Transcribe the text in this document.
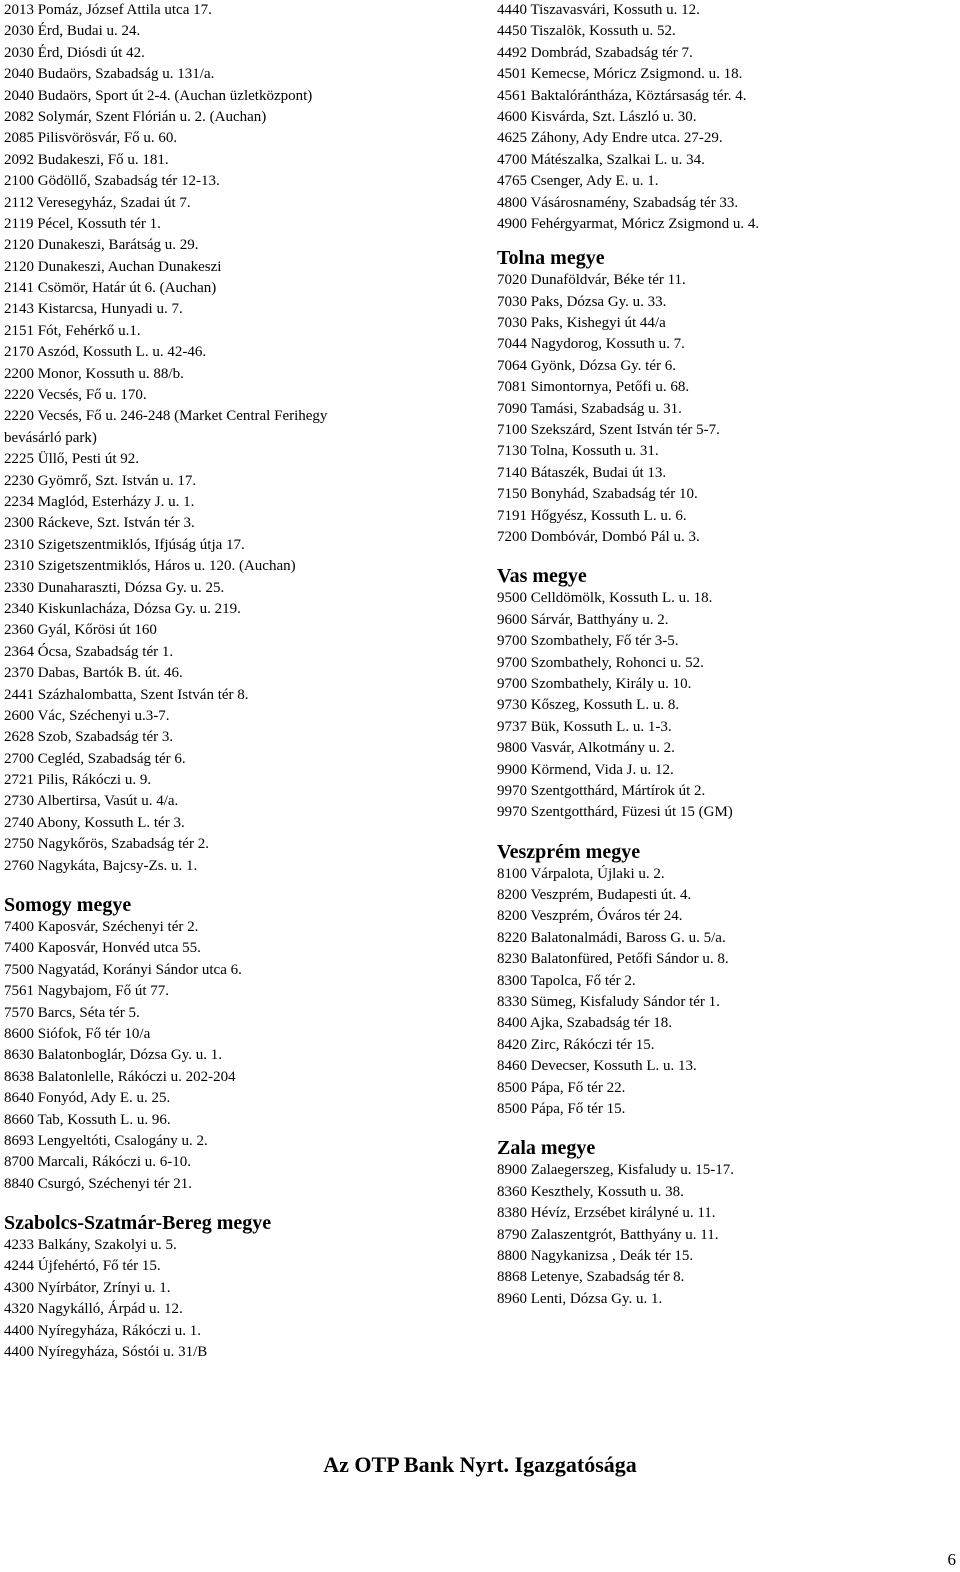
2013 Pomáz, József Attila utca 17.
2030 Érd, Budai u. 24.
2030 Érd, Diósdi út 42.
2040 Budaörs, Szabadság u. 131/a.
2040 Budaörs, Sport út 2-4. (Auchan üzletközpont)
2082 Solymár, Szent Flórián u. 2. (Auchan)
2085 Pilisvörösvár, Fő u. 60.
2092 Budakeszi, Fő u. 181.
2100 Gödöllő, Szabadság tér 12-13.
2112 Veresegyház, Szadai út 7.
2119 Pécel, Kossuth tér 1.
2120 Dunakeszi, Barátság u. 29.
2120 Dunakeszi, Auchan Dunakeszi
2141 Csömör, Határ út 6. (Auchan)
2143 Kistarcsa, Hunyadi u. 7.
2151 Fót, Fehérkő u.1.
2170 Aszód, Kossuth L. u. 42-46.
2200 Monor, Kossuth u. 88/b.
2220 Vecsés, Fő u. 170.
2220 Vecsés, Fő u. 246-248 (Market Central Ferihegy
bevásárló park)
2225 Üllő, Pesti út 92.
2230 Gyömrő, Szt. István u. 17.
2234 Maglód, Esterházy J. u. 1.
2300 Ráckeve, Szt. István tér 3.
2310 Szigetszentmiklós, Ifjúság útja 17.
2310 Szigetszentmiklós, Háros u. 120. (Auchan)
2330 Dunaharaszti, Dózsa Gy. u. 25.
2340 Kiskunlacháza, Dózsa Gy. u. 219.
2360 Gyál, Kőrösi út 160
2364 Ócsa, Szabadság tér 1.
2370 Dabas, Bartók B. út. 46.
2441 Százhalombatta, Szent István tér 8.
2600 Vác, Széchenyi u.3-7.
2628 Szob, Szabadság tér 3.
2700 Cegléd, Szabadság tér 6.
2721 Pilis, Rákóczi u. 9.
2730 Albertirsa, Vasút u. 4/a.
2740 Abony, Kossuth L. tér 3.
2750 Nagykőrös, Szabadság tér 2.
2760 Nagykáta, Bajcsy-Zs. u. 1.
Somogy megye
7400 Kaposvár, Széchenyi tér 2.
7400 Kaposvár, Honvéd utca 55.
7500 Nagyatád, Korányi Sándor utca 6.
7561 Nagybajom, Fő út 77.
7570 Barcs, Séta tér 5.
8600 Siófok, Fő tér 10/a
8630 Balatonboglár, Dózsa Gy. u. 1.
8638 Balatonlelle, Rákóczi u. 202-204
8640 Fonyód, Ady E. u. 25.
8660 Tab, Kossuth L. u. 96.
8693 Lengyeltóti, Csalogány u. 2.
8700 Marcali, Rákóczi u. 6-10.
8840 Csurgó, Széchenyi tér 21.
Szabolcs-Szatmár-Bereg megye
4233 Balkány, Szakolyi u. 5.
4244 Újfehértó, Fő tér 15.
4300 Nyírbátor, Zrínyi u. 1.
4320 Nagykálló, Árpád u. 12.
4400 Nyíregyháza, Rákóczi u. 1.
4400 Nyíregyháza, Sóstói u. 31/B
4440 Tiszavasvári, Kossuth u. 12.
4450 Tiszalök, Kossuth u. 52.
4492 Dombrád, Szabadság tér 7.
4501 Kemecse, Móricz Zsigmond. u. 18.
4561 Baktalórántháza, Köztársaság tér. 4.
4600 Kisvárda, Szt. László u. 30.
4625 Záhony, Ady Endre utca. 27-29.
4700 Mátészalka, Szalkai L. u. 34.
4765 Csenger, Ady E. u. 1.
4800 Vásárosnamény, Szabadság tér 33.
4900 Fehérgyarmat, Móricz Zsigmond u. 4.
Tolna megye
7020 Dunaföldvár, Béke tér 11.
7030 Paks, Dózsa Gy. u. 33.
7030 Paks, Kishegyi út 44/a
7044 Nagydorog, Kossuth u. 7.
7064 Gyönk, Dózsa Gy. tér 6.
7081 Simontornya, Petőfi u. 68.
7090 Tamási, Szabadság u. 31.
7100 Szekszárd, Szent István tér 5-7.
7130 Tolna, Kossuth u. 31.
7140 Bátaszék, Budai út 13.
7150 Bonyhád, Szabadság tér 10.
7191 Hőgyész, Kossuth L. u. 6.
7200 Dombóvár, Dombó Pál u. 3.
Vas megye
9500 Celldömölk, Kossuth L. u. 18.
9600 Sárvár, Batthyány u. 2.
9700 Szombathely, Fő tér 3-5.
9700 Szombathely, Rohonci u. 52.
9700 Szombathely, Király u. 10.
9730 Kőszeg, Kossuth L. u. 8.
9737 Bük, Kossuth L. u. 1-3.
9800 Vasvár, Alkotmány u. 2.
9900 Körmend, Vida J. u. 12.
9970 Szentgotthárd, Mártírok út 2.
9970 Szentgotthárd, Füzesi út 15 (GM)
Veszprém megye
8100 Várpalota, Újlaki u. 2.
8200 Veszprém, Budapesti út. 4.
8200 Veszprém, Óváros tér 24.
8220 Balatonalmádi, Baross G. u. 5/a.
8230 Balatonfüred, Petőfi Sándor u. 8.
8300 Tapolca, Fő tér 2.
8330 Sümeg, Kisfaludy Sándor tér 1.
8400 Ajka, Szabadság tér 18.
8420 Zirc, Rákóczi tér 15.
8460 Devecser, Kossuth L. u. 13.
8500 Pápa, Fő tér 22.
8500 Pápa, Fő tér 15.
Zala megye
8900 Zalaegerszeg, Kisfaludy u. 15-17.
8360 Keszthely, Kossuth u. 38.
8380 Hévíz, Erzsébet királyné u. 11.
8790 Zalaszentgrót, Batthyány u. 11.
8800 Nagykanizsa , Deák tér 15.
8868 Letenye, Szabadság tér 8.
8960 Lenti, Dózsa Gy. u. 1.
Az OTP Bank Nyrt. Igazgatósága
6
